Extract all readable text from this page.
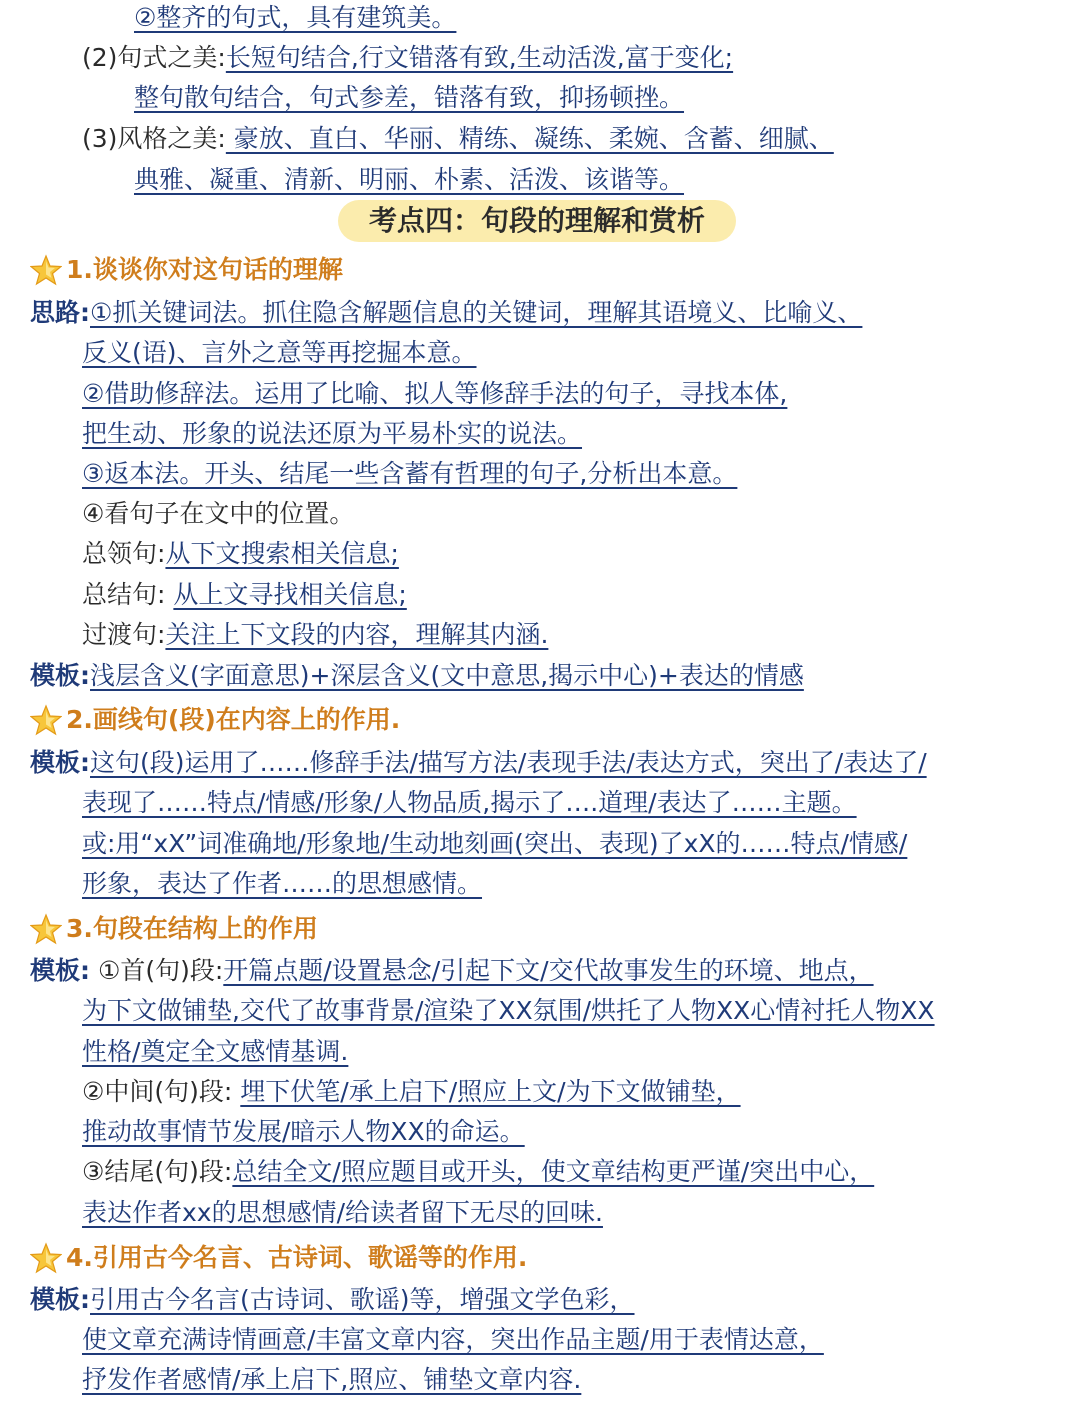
②整齐的句式，具有建筑美。
(2)句式之美:长短句结合,行文错落有致,生动活泼,富于变化;
整句散句结合，句式参差，错落有致，抑扬顿挫。
(3)风格之美: 豪放、直白、华丽、精练、凝练、柔婉、含蓄、细腻、
典雅、凝重、清新、明丽、朴素、活泼、该谐等。
考点四：句段的理解和赏析
1.谈谈你对这句话的理解
思路:①抓关键词法。抓住隐含解题信息的关键词，理解其语境义、比喻义、
反义(语)、言外之意等再挖掘本意。
②借助修辞法。运用了比喻、拟人等修辞手法的句子，寻找本体,
把生动、形象的说法还原为平易朴实的说法。
③返本法。开头、结尾一些含蓄有哲理的句子,分析出本意。
④看句子在文中的位置。
总领句:从下文搜索相关信息;
总结句: 从上文寻找相关信息;
过渡句:关注上下文段的内容，理解其内涵.
模板:浅层含义(字面意思)+深层含义(文中意思,揭示中心)+表达的情感
2.画线句(段)在内容上的作用.
模板:这句(段)运用了……修辞手法/描写方法/表现手法/表达方式，突出了/表达了/
表现了……特点/情感/形象/人物品质,揭示了….道理/表达了……主题。
或:用“xX”词准确地/形象地/生动地刻画(突出、表现)了xX的……特点/情感/
形象，表达了作者……的思想感情。
3.句段在结构上的作用
模板: ①首(句)段:开篇点题/设置悬念/引起下文/交代故事发生的环境、地点，
为下文做铺垫,交代了故事背景/渲染了XX氛围/烘托了人物XX心情衬托人物XX
性格/奠定全文感情基调.
②中间(句)段: 埋下伏笔/承上启下/照应上文/为下文做铺垫，
推动故事情节发展/暗示人物XX的命运。
③结尾(句)段:总结全文/照应题目或开头，使文章结构更严谨/突出中心，
表达作者xx的思想感情/给读者留下无尽的回味.
4.引用古今名言、古诗词、歌谣等的作用.
模板:引用古今名言(古诗词、歌谣)等，增强文学色彩，
使文章充满诗情画意/丰富文章内容，突出作品主题/用于表情达意，
抒发作者感情/承上启下,照应、铺垫文章内容.
